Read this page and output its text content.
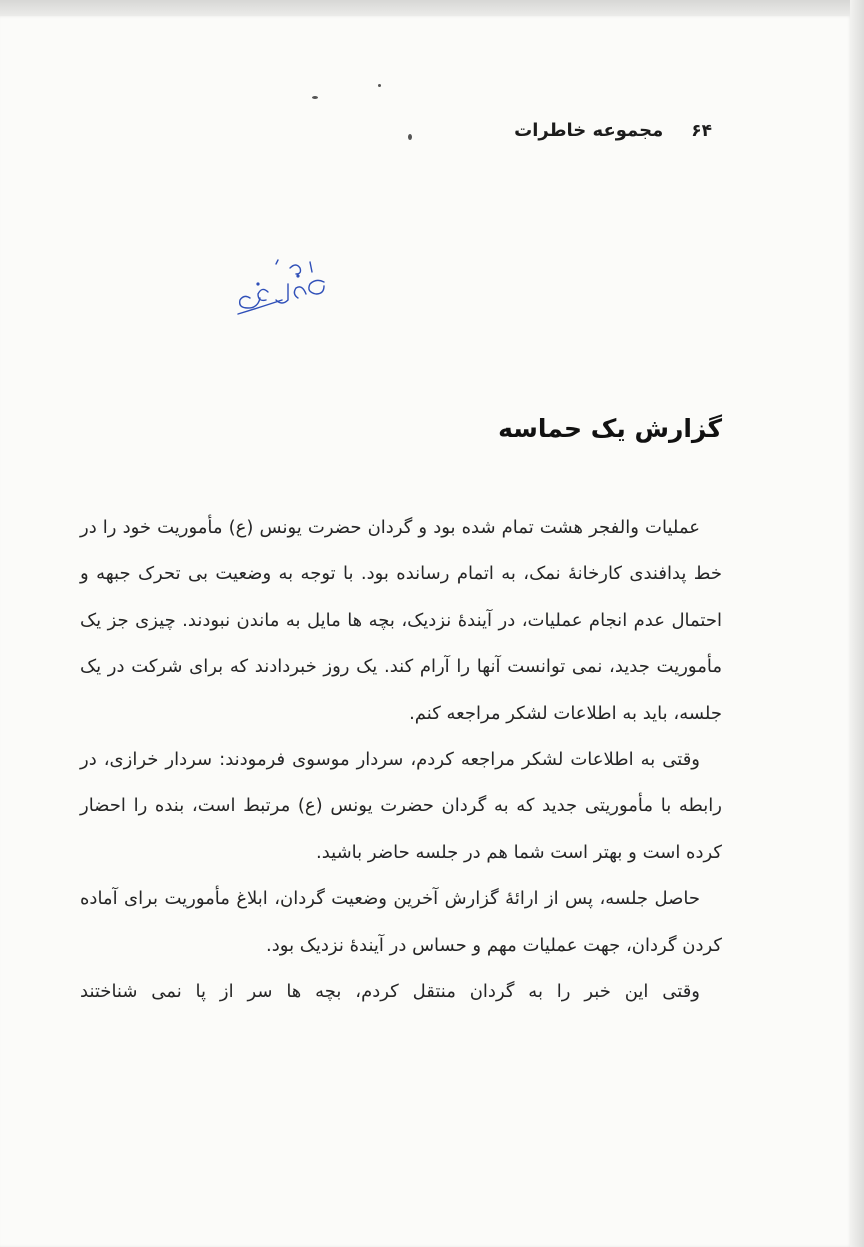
۶۴
مجموعه خاطرات
گزارش یک حماسه

عملیات والفجر هشت تمام شده بود و گردان حضرت یونس (ع) مأموریت خود را در خط پدافندی کارخانهٔ نمک، به اتمام رسانده بود. با توجه به وضعیت بی تحرک جبهه و احتمال عدم انجام عملیات، در آیندهٔ نزدیک، بچه ها مایل به ماندن نبودند. چیزی جز یک مأموریت جدید، نمی توانست آنها را آرام کند. یک روز خبردادند که برای شرکت در یک جلسه، باید به اطلاعات لشکر مراجعه کنم.

وقتی به اطلاعات لشکر مراجعه کردم، سردار موسوی فرمودند: سردار خرازی، در رابطه با مأموریتی جدید که به گردان حضرت یونس (ع) مرتبط است، بنده را احضار کرده است و بهتر است شما هم در جلسه حاضر باشید.

حاصل جلسه، پس از ارائهٔ گزارش آخرین وضعیت گردان، ابلاغ مأموریت برای آماده کردن گردان، جهت عملیات مهم و حساس در آیندهٔ نزدیک بود.

وقتی این خبر را به گردان منتقل کردم، بچه ها سر از پا نمی شناختند
